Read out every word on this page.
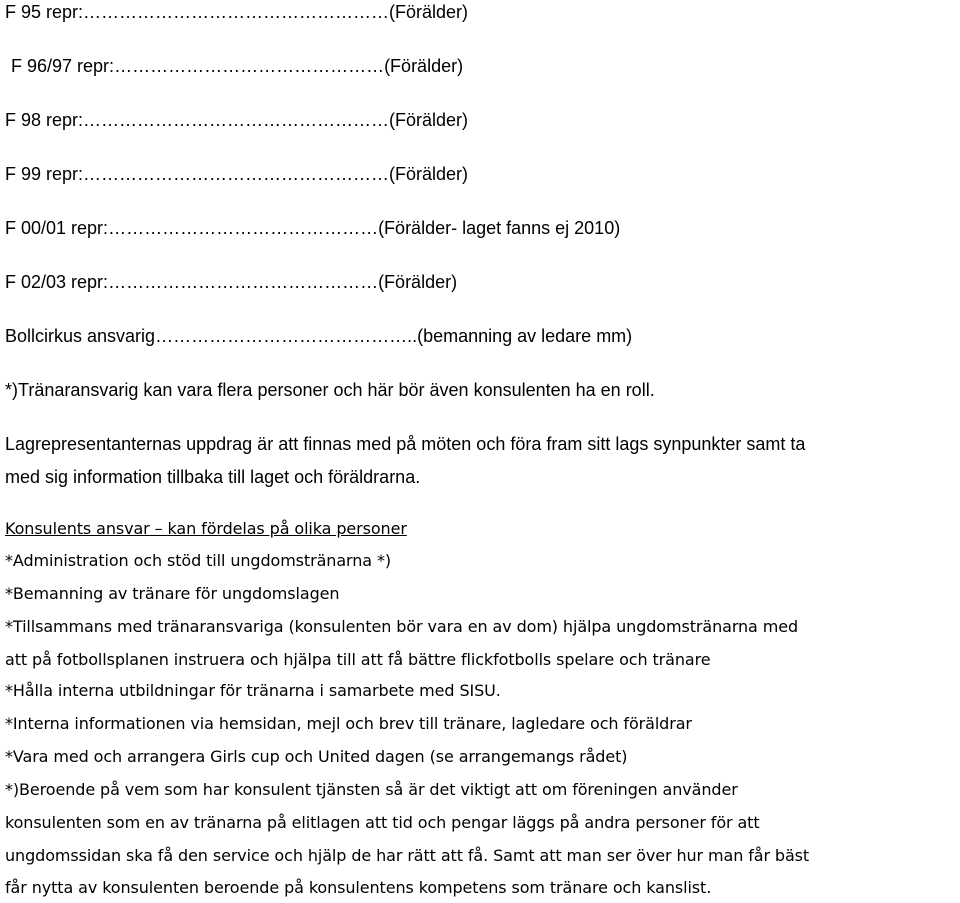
F 95 repr:……………………………………………(Förälder)
F 96/97 repr:………………………………………(Förälder)
F 98 repr:……………………………………………(Förälder)
F 99 repr:……………………………………………(Förälder)
F 00/01 repr:………………………………………(Förälder- laget fanns ej 2010)
F 02/03 repr:………………………………………(Förälder)
Bollcirkus ansvarig……………………………………..(bemanning av ledare mm)
*)Tränaransvarig kan vara flera personer och här bör även konsulenten ha en roll.
Lagrepresentanternas uppdrag är att finnas med på möten och föra fram sitt lags synpunkter samt ta
med sig information tillbaka till laget och föräldrarna.
Konsulents ansvar – kan fördelas på olika personer
*Administration och stöd till ungdomstränarna *)
*Bemanning av tränare för ungdomslagen
*Tillsammans med tränaransvariga (konsulenten bör vara en av dom) hjälpa ungdomstränarna med
att på fotbollsplanen instruera och hjälpa till att få bättre flickfotbolls spelare och tränare
*Hålla interna utbildningar för tränarna i samarbete med SISU.
*Interna informationen via hemsidan, mejl och brev till tränare, lagledare och föräldrar
*Vara med och arrangera Girls cup och United dagen (se arrangemangs rådet)
*)Beroende på vem som har konsulent tjänsten så är det viktigt att om föreningen använder
konsulenten som en av tränarna på elitlagen att tid och pengar läggs på andra personer för att
ungdomssidan ska få den service och hjälp de har rätt att få. Samt att man ser över hur man får bäst
får nytta av konsulenten beroende på konsulentens kompetens som tränare och kanslist.
